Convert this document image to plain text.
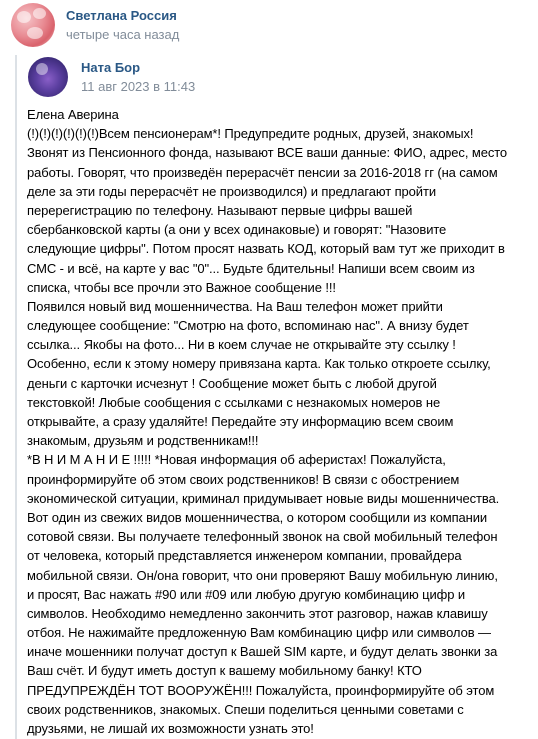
Светлана Россия
четыре часа назад
Ната Бор
11 авг 2023 в 11:43
Елена Аверина
(!)(!)(!)(!)(!)(!)Всем пенсионерам*! Предупредите родных, друзей, знакомых!
Звонят из Пенсионного фонда, называют ВСЕ ваши данные: ФИО, адрес, место
работы. Говорят, что произведён перерасчёт пенсии за 2016-2018 гг (на самом
деле за эти годы перерасчёт не производился) и предлагают пройти
перерегистрацию по телефону. Называют первые цифры вашей
сбербанковской карты (а они у всех одинаковые) и говорят: "Назовите
следующие цифры". Потом просят назвать КОД, который вам тут же приходит в
СМС - и всё, на карте у вас "0"... Будьте бдительны! Напиши всем своим из
списка, чтобы все прочли это Важное сообщение !!!
Появился новый вид мошенничества. На Ваш телефон может прийти
следующее сообщение: "Смотрю на фото, вспоминаю нас". А внизу будет
ссылка... Якобы на фото... Ни в коем случае не открывайте эту ссылку !
Особенно, если к этому номеру привязана карта. Как только откроете ссылку,
деньги с карточки исчезнут ! Сообщение может быть с любой другой
текстовкой! Любые сообщения с ссылками с незнакомых номеров не
открывайте, а сразу удаляйте! Передайте эту информацию всем своим
знакомым, друзьям и родственникам!!!
*В Н И М А Н И Е !!!!! *Новая информация об аферистах! Пожалуйста,
проинформируйте об этом своих родственников! В связи с обострением
экономической ситуации, криминал придумывает новые виды мошенничества.
Вот один из свежих видов мошенничества, о котором сообщили из компании
сотовой связи. Вы получаете телефонный звонок на свой мобильный телефон
от человека, который представляется инженером компании, провайдера
мобильной связи. Он/она говорит, что они проверяют Вашу мобильную линию,
и просят, Вас нажать #90 или #09 или любую другую комбинацию цифр и
символов. Необходимо немедленно закончить этот разговор, нажав клавишу
отбоя. Не нажимайте предложенную Вам комбинацию цифр или символов —
иначе мошенники получат доступ к Вашей SIM карте, и будут делать звонки за
Ваш счёт. И будут иметь доступ к вашему мобильному банку! КТО
ПРЕДУПРЕЖДЁН ТОТ ВООРУЖЁН!!! Пожалуйста, проинформируйте об этом
своих родственников, знакомых. Спеши поделиться ценными советами с
друзьями, не лишай их возможности узнать это!
